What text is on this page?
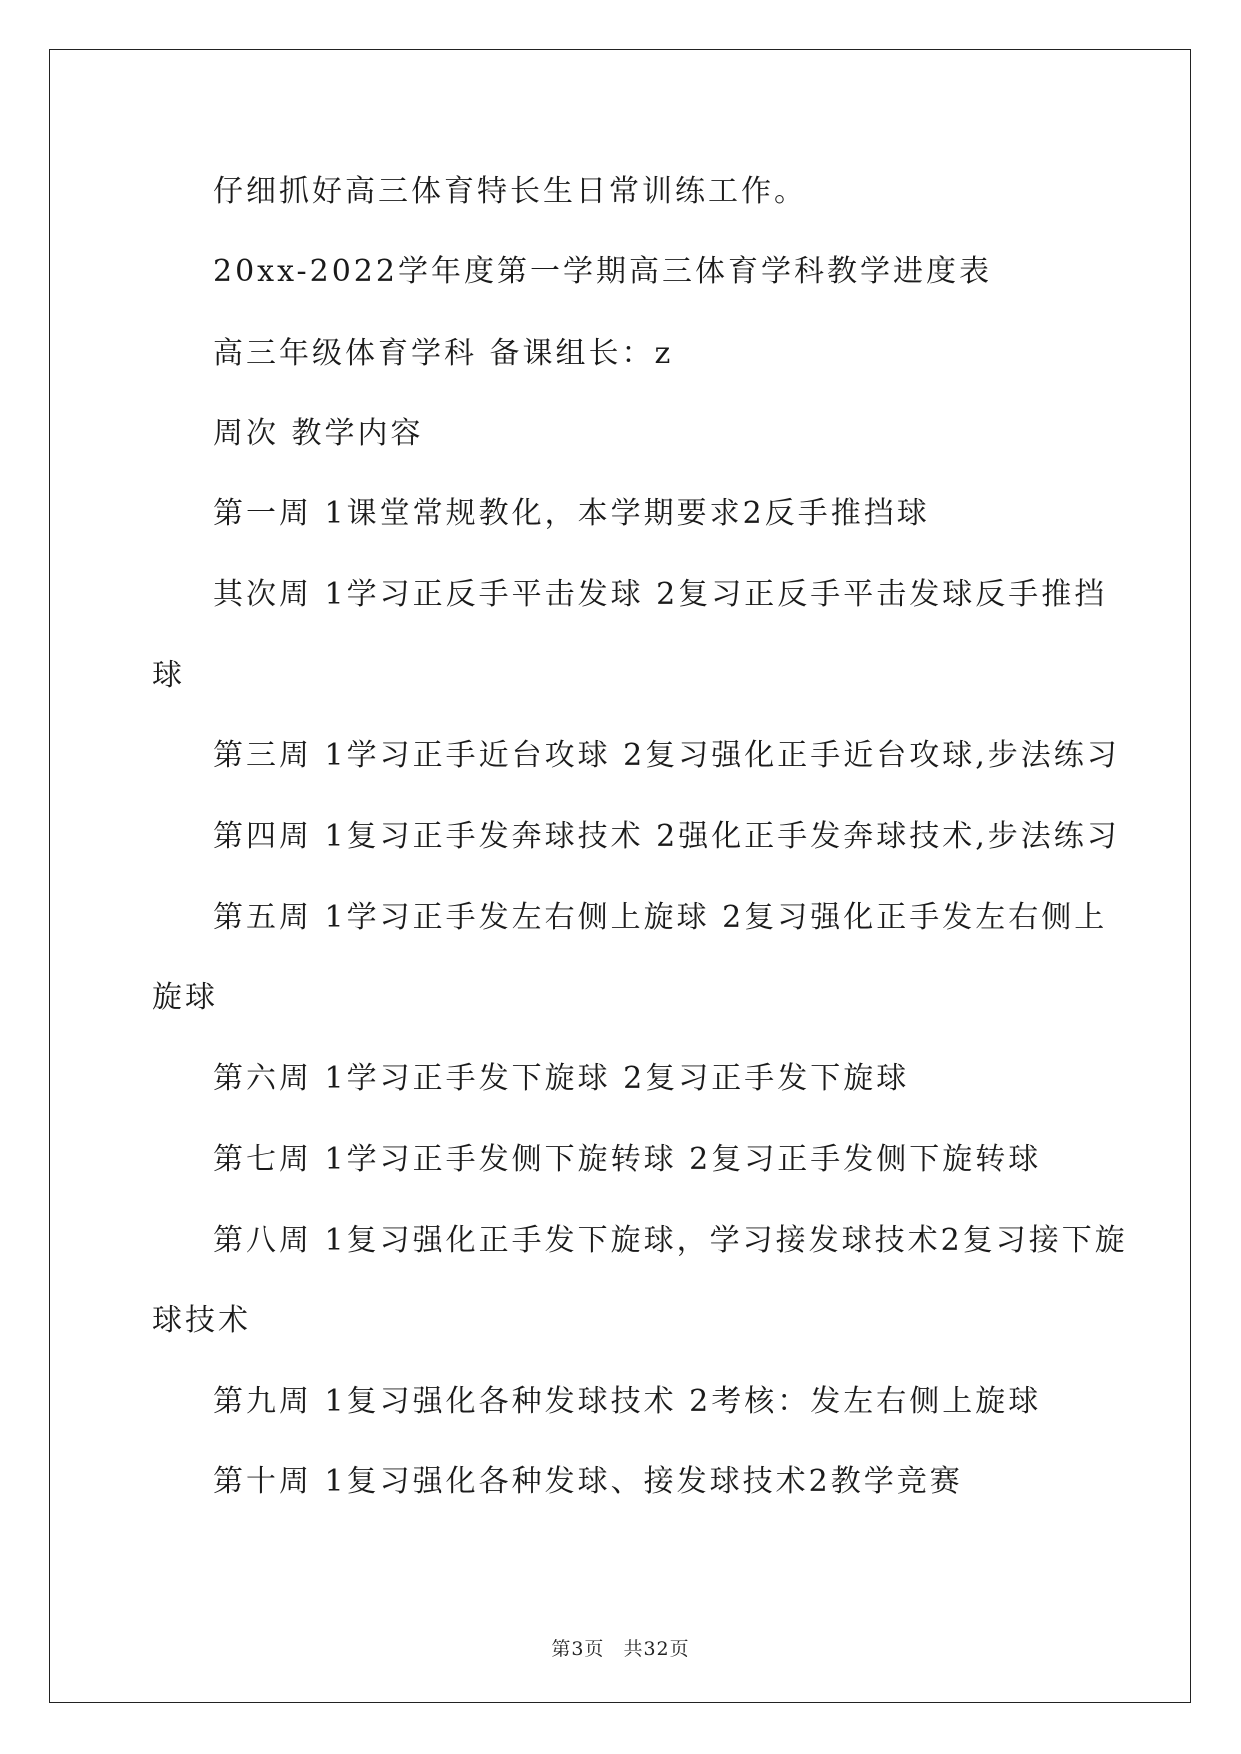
仔细抓好高三体育特长生日常训练工作。
20xx-2022学年度第一学期高三体育学科教学进度表
高三年级体育学科 备课组长：z
周次 教学内容
第一周 1课堂常规教化，本学期要求2反手推挡球
其次周 1学习正反手平击发球 2复习正反手平击发球反手推挡
球
第三周 1学习正手近台攻球 2复习强化正手近台攻球,步法练习
第四周 1复习正手发奔球技术 2强化正手发奔球技术,步法练习
第五周 1学习正手发左右侧上旋球 2复习强化正手发左右侧上
旋球
第六周 1学习正手发下旋球 2复习正手发下旋球
第七周 1学习正手发侧下旋转球 2复习正手发侧下旋转球
第八周 1复习强化正手发下旋球，学习接发球技术2复习接下旋
球技术
第九周 1复习强化各种发球技术 2考核：发左右侧上旋球
第十周 1复习强化各种发球、接发球技术2教学竞赛
第3页 共32页
